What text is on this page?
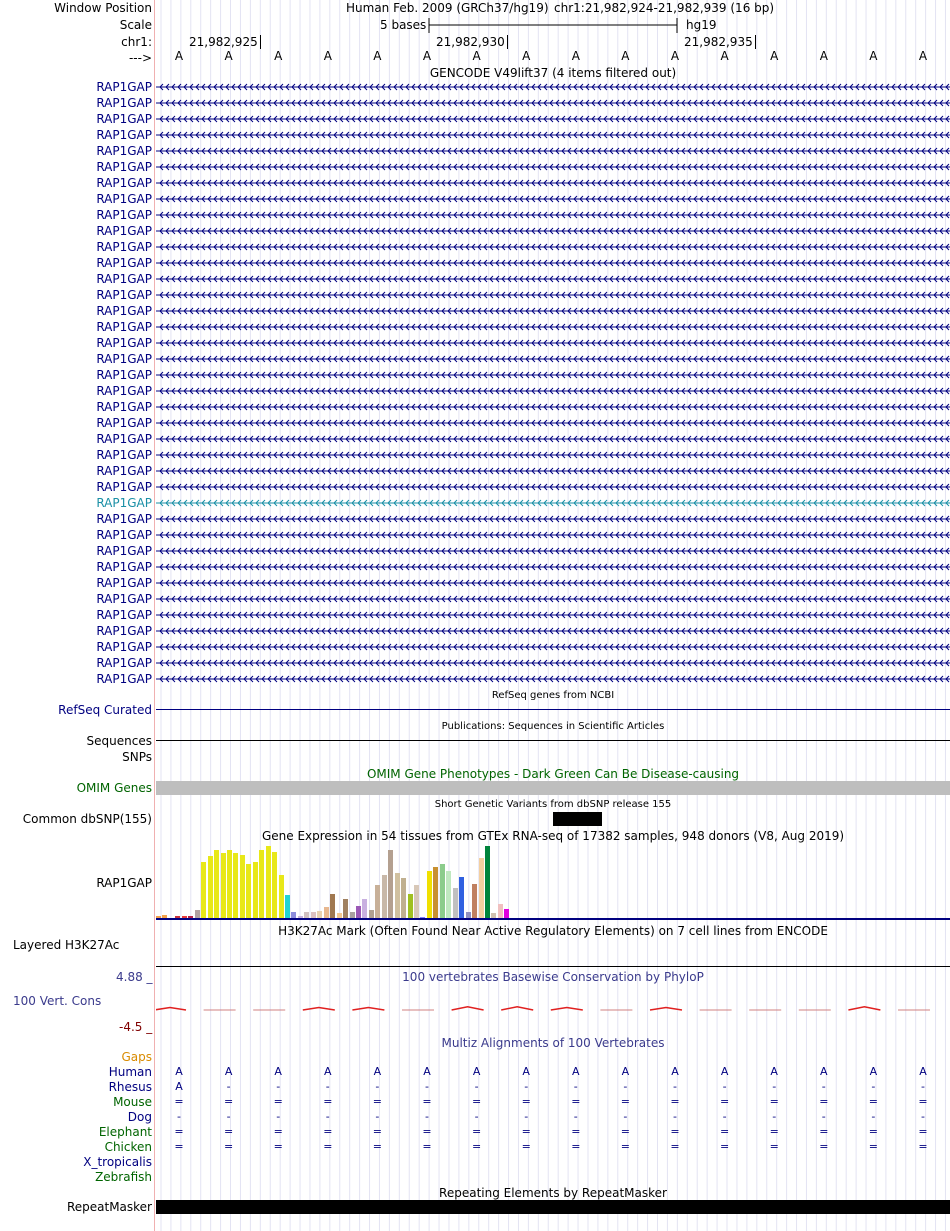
Window Position	Human Feb. 2009 (GRCh37/hg19) chr1:21,982,924-21,982,939 (16 bp)
Scale	5 bases	hg19
chr1:	21,982,925	21,982,930	21,982,935
--->	A	A	A	A	A	A	A	A	A	A	A	A	A	A	A	A
GENCODE V49lift37 (4 items filtered out)
RAP1GAP
RAP1GAP
RAP1GAP
RAP1GAP
RAP1GAP
RAP1GAP
RAP1GAP
RAP1GAP
RAP1GAP
RAP1GAP
RAP1GAP
RAP1GAP
RAP1GAP
RAP1GAP
RAP1GAP
RAP1GAP
RAP1GAP
RAP1GAP
RAP1GAP
RAP1GAP
RAP1GAP
RAP1GAP
RAP1GAP
RAP1GAP
RAP1GAP
RAP1GAP
RAP1GAP
RAP1GAP
RAP1GAP
RAP1GAP
RAP1GAP
RAP1GAP
RAP1GAP
RAP1GAP
RAP1GAP
RAP1GAP
RAP1GAP
RAP1GAP
RefSeq genes from NCBI
RefSeq Curated
Publications: Sequences in Scientific Articles
Sequences
SNPs
OMIM Gene Phenotypes - Dark Green Can Be Disease-causing
OMIM Genes
Short Genetic Variants from dbSNP release 155
Common dbSNP(155)
Gene Expression in 54 tissues from GTEx RNA-seq of 17382 samples, 948 donors (V8, Aug 2019)
RAP1GAP
H3K27Ac Mark (Often Found Near Active Regulatory Elements) on 7 cell lines from ENCODE
Layered H3K27Ac
100 vertebrates Basewise Conservation by PhyloP
4.88 _
100 Vert. Cons
-4.5 _
Multiz Alignments of 100 Vertebrates
Gaps
Human	A	A	A	A	A	A	A	A	A	A	A	A	A	A	A	A
Rhesus	A	-	-	-	-	-	-	-	-	-	-	-	-	-	-	-
Mouse	=	=	=	=	=	=	=	=	=	=	=	=	=	=	=	=
Dog	-	-	-	-	-	-	-	-	-	-	-	-	-	-	-	-
Elephant	=	=	=	=	=	=	=	=	=	=	=	=	=	=	=	=
Chicken	=	=	=	=	=	=	=	=	=	=	=	=	=	=	=	=
X_tropicalis
Zebrafish
Repeating Elements by RepeatMasker
RepeatMasker
